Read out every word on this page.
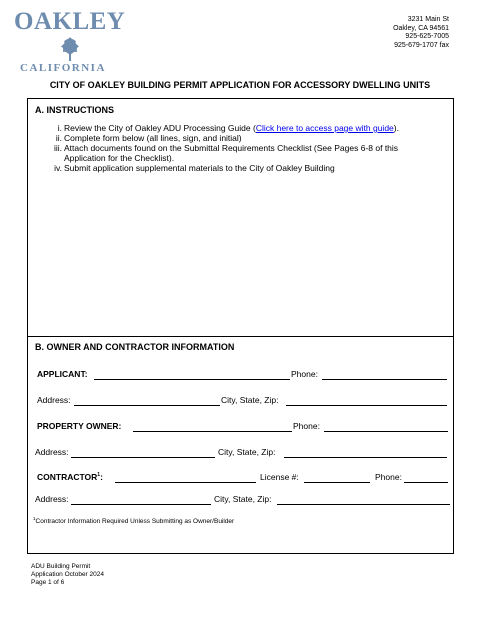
OAKLEY
CALIFORNIA
3231 Main St
Oakley, CA 94561
925-625-7005
925-679-1707 fax
CITY OF OAKLEY BUILDING PERMIT APPLICATION FOR ACCESSORY DWELLING UNITS
A. INSTRUCTIONS
i. Review the City of Oakley ADU Processing Guide (Click here to access page with guide).
ii. Complete form below (all lines, sign, and initial)
iii. Attach documents found on the Submittal Requirements Checklist (See Pages 6-8 of this Application for the Checklist).
iv. Submit application supplemental materials to the City of Oakley Building
B. OWNER AND CONTRACTOR INFORMATION
APPLICANT:	Phone:
Address:	City, State, Zip:
PROPERTY OWNER:	Phone:
Address:	City, State, Zip:
CONTRACTOR$^1$:	License #:	Phone:
Address:	City, State, Zip:
$^1$Contractor Information Required Unless Submitting as Owner/Builder
ADU Building Permit
Application October 2024
Page 1 of 6
